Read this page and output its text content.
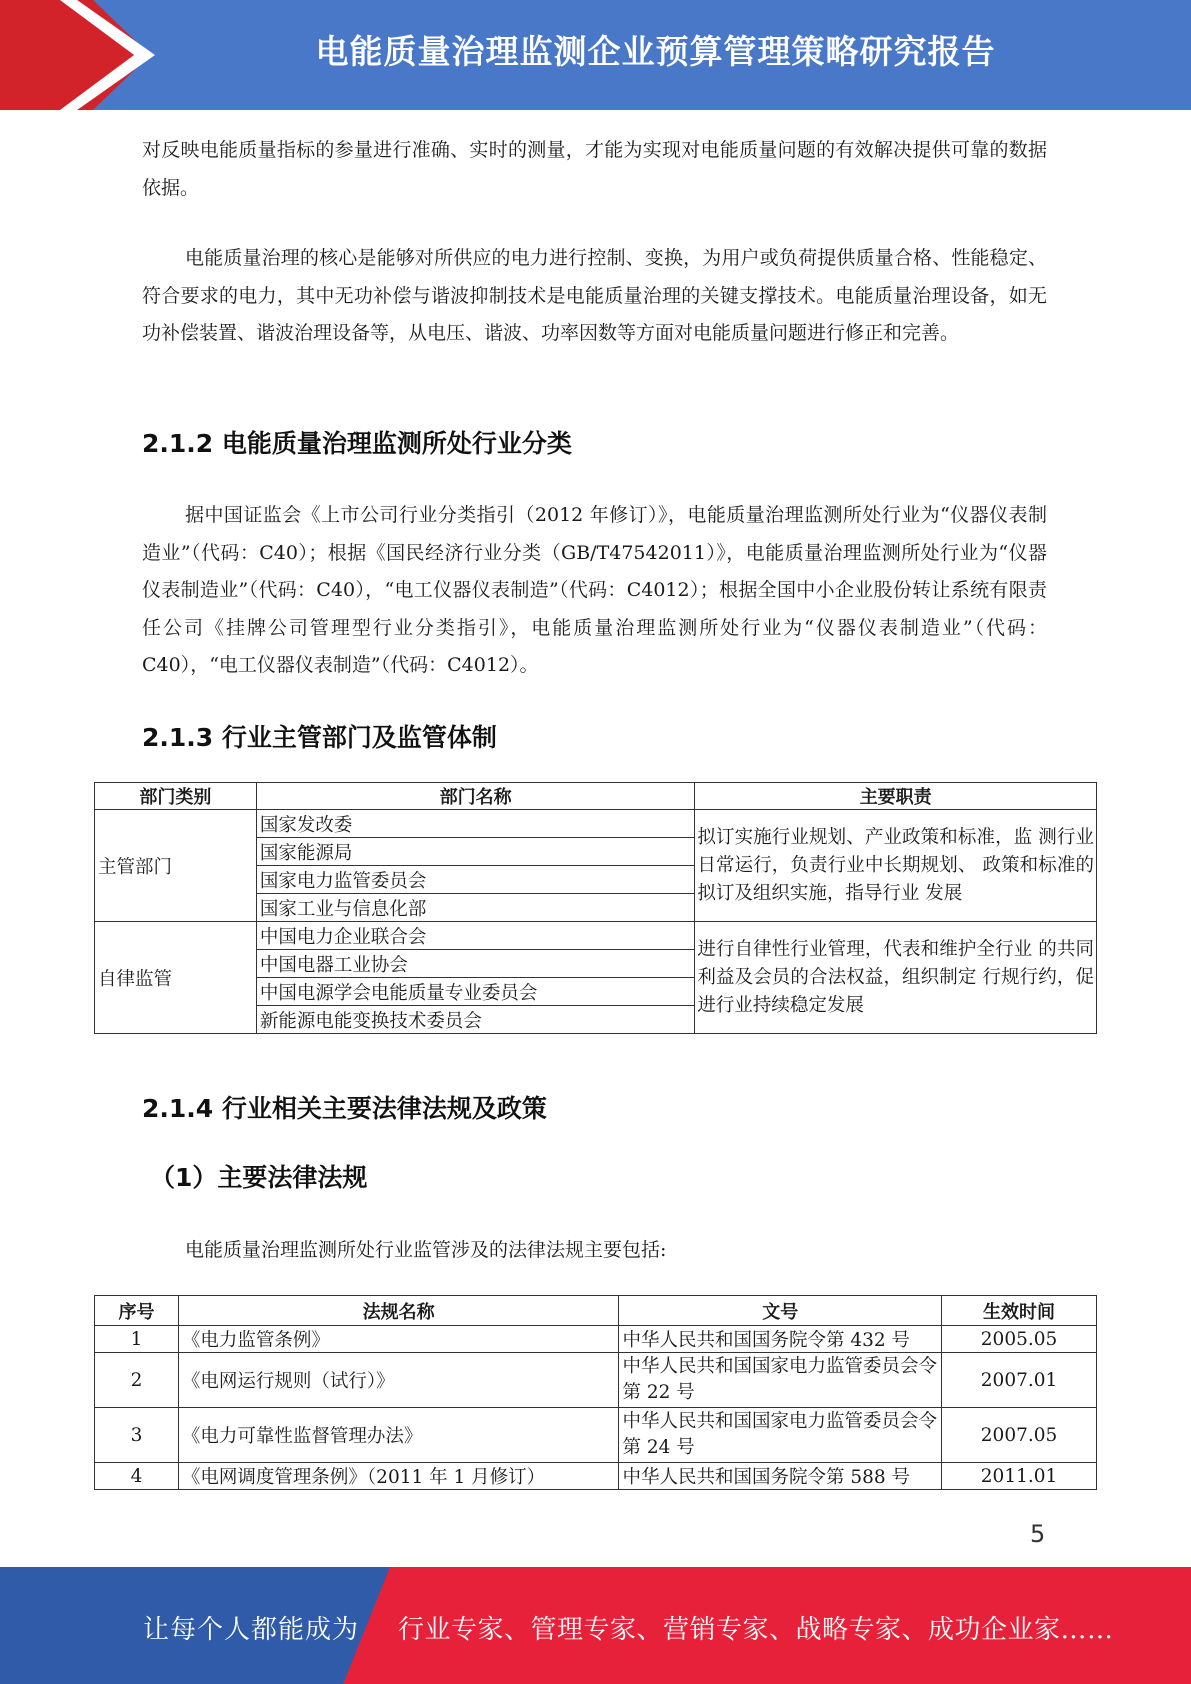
电能质量治理监测企业预算管理策略研究报告

对反映电能质量指标的参量进行准确、实时的测量，才能为实现对电能质量问题的有效解决提供可靠的数据依据。

电能质量治理的核心是能够对所供应的电力进行控制、变换，为用户或负荷提供质量合格、性能稳定、符合要求的电力，其中无功补偿与谐波抑制技术是电能质量治理的关键支撑技术。电能质量治理设备，如无功补偿装置、谐波治理设备等，从电压、谐波、功率因数等方面对电能质量问题进行修正和完善。

2.1.2 电能质量治理监测所处行业分类

据中国证监会《上市公司行业分类指引（2012 年修订）》，电能质量治理监测所处行业为“仪器仪表制造业”（代码：C40）；根据《国民经济行业分类（GB/T47542011）》，电能质量治理监测所处行业为“仪器仪表制造业”（代码：C40），“电工仪器仪表制造”（代码：C4012）；根据全国中小企业股份转让系统有限责任公司《挂牌公司管理型行业分类指引》，电能质量治理监测所处行业为“仪器仪表制造业”（代码：C40），“电工仪器仪表制造”（代码：C4012）。

2.1.3 行业主管部门及监管体制
部门类别	部门名称	主要职责
主管部门	国家发改委	拟订实施行业规划、产业政策和标准，监 测行业日常运行，负责行业中长期规划、 政策和标准的拟订及组织实施，指导行业 发展
	国家能源局	
	国家电力监管委员会	
	国家工业与信息化部	
自律监管	中国电力企业联合会	进行自律性行业管理，代表和维护全行业 的共同利益及会员的合法权益，组织制定 行规行约，促进行业持续稳定发展
	中国电器工业协会	
	中国电源学会电能质量专业委员会	
	新能源电能变换技术委员会	
2.1.4 行业相关主要法律法规及政策
（1）主要法律法规

电能质量治理监测所处行业监管涉及的法律法规主要包括:

序号	法规名称	文号	生效时间
1	《电力监管条例》	中华人民共和国国务院令第 432 号	2005.05
2	《电网运行规则（试行）》	中华人民共和国国家电力监管委员会令第 22 号	2007.01
3	《电力可靠性监督管理办法》	中华人民共和国国家电力监管委员会令第 24 号	2007.05
4	《电网调度管理条例》（2011 年 1 月修订）	中华人民共和国国务院令第 588 号	2011.01
5
让每个人都能成为 行业专家、管理专家、营销专家、战略专家、成功企业家……
